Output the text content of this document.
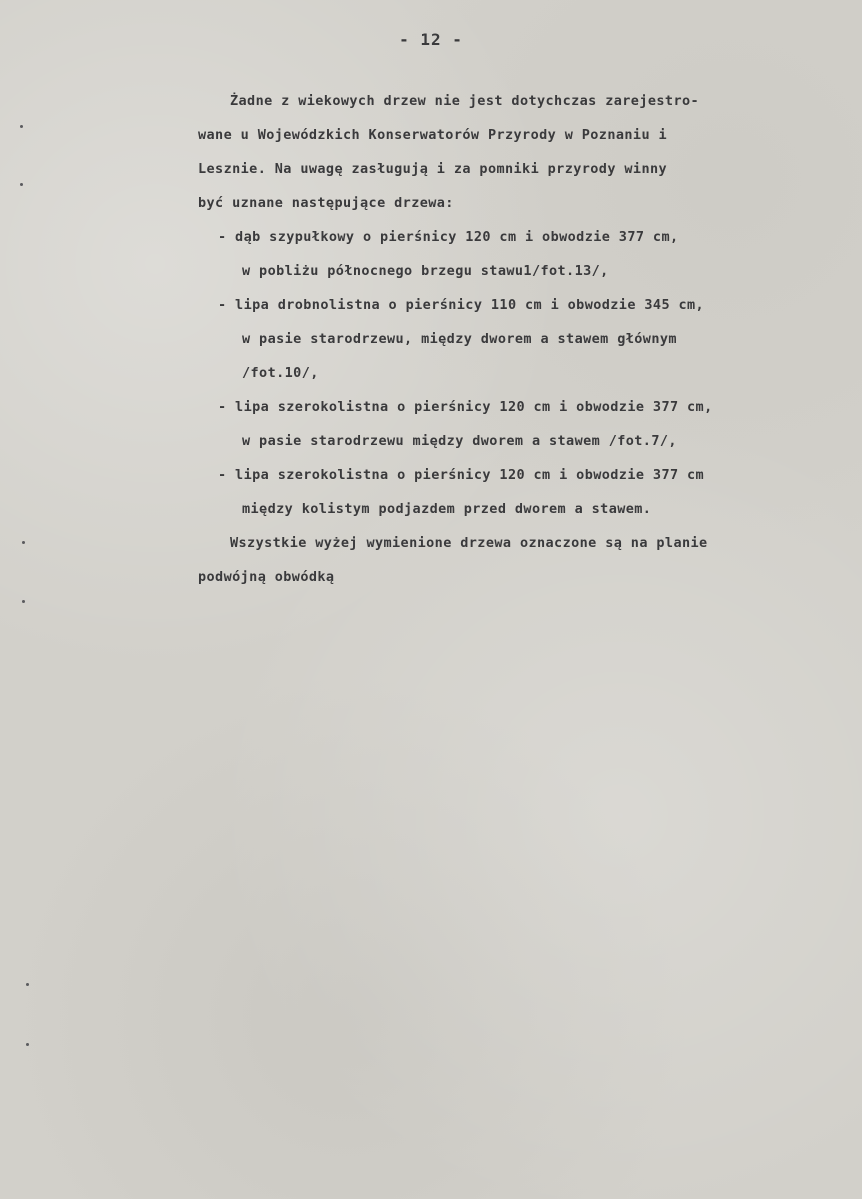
- 12 -
Żadne z wiekowych drzew nie jest dotychczas zarejestro-
wane u Wojewódzkich Konserwatorów Przyrody w Poznaniu i
Lesznie. Na uwagę zasługują i za pomniki przyrody winny
być uznane następujące drzewa:
- dąb szypułkowy o pierśnicy 120 cm i obwodzie 377 cm,
w pobliżu północnego brzegu stawu1/fot.13/,
- lipa drobnolistna o pierśnicy 110 cm i obwodzie 345 cm,
w pasie starodrzewu, między dworem a stawem głównym
/fot.10/,
- lipa szerokolistna o pierśnicy 120 cm i obwodzie 377 cm,
w pasie starodrzewu między dworem a stawem /fot.7/,
- lipa szerokolistna o pierśnicy 120 cm i obwodzie 377 cm
między kolistym podjazdem przed dworem a stawem.
Wszystkie wyżej wymienione drzewa oznaczone są na planie
podwójną obwódką
